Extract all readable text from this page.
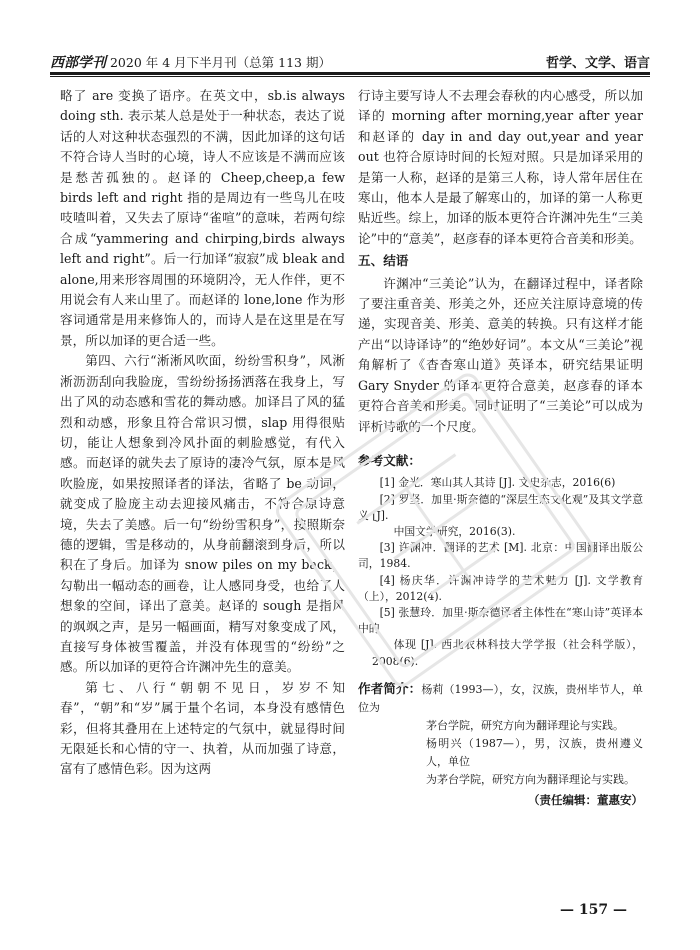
西部学刊 2020 年 4 月下半月刊（总第 113 期）	哲学、文学、语言

略了 are 变换了语序。在英文中，sb.is always doing sth. 表示某人总是处于一种状态，表达了说话的人对这种状态强烈的不满，因此加译的这句话不符合诗人当时的心境，诗人不应该是不满而应该是愁苦孤独的。赵译的 Cheep,cheep,a few birds left and right 指的是周边有一些鸟儿在吱吱喳叫着，又失去了原诗“雀喧”的意味，若两句综合成“yammering and chirping,birds always left and right”。后一行加译“寂寂”成 bleak and alone,用来形容周围的环境阴冷，无人作伴，更不用说会有人来山里了。而赵译的 lone,lone 作为形容词通常是用来修饰人的，而诗人是在这里是在写景，所以加译的更合适一些。

第四、六行“淅淅风吹面，纷纷雪积身”，风淅淅沥沥刮向我脸庞，雪纷纷扬扬洒落在我身上，写出了风的动态感和雪花的舞动感。加译吕了风的猛烈和动感，形象且符合常识习惯，slap 用得很贴切，能让人想象到冷风扑面的刺脸感觉，有代入感。而赵译的就失去了原诗的凄冷气氛，原本是风吹脸庞，如果按照译者的译法，省略了 be 动词，就变成了脸庞主动去迎接风痛击，不符合原诗意境，失去了美感。后一句“纷纷雪积身”，按照斯奈德的逻辑，雪是移动的，从身前翻滚到身后，所以积在了身后。加译为 snow piles on my back，勾勒出一幅动态的画卷，让人感同身受，也给了人想象的空间，译出了意美。赵译的 sough 是指风的飒飒之声，是另一幅画面，精写对象变成了风，直接写身体被雪覆盖，并没有体现雪的“纷纷”之感。所以加译的更符合许渊冲先生的意美。

第七、八行“朝朝不见日，岁岁不知春”，“朝”和“岁”属于量个名词，本身没有感情色彩，但将其叠用在上述特定的气氛中，就显得时间无限延长和心情的守一、执着，从而加强了诗意，富有了感情色彩。因为这两

行诗主要写诗人不去理会春秋的内心感受，所以加译的 morning after morning,year after year 和赵译的 day in and day out,year and year out 也符合原诗时间的长短对照。只是加译采用的是第一人称，赵译的是第三人称，诗人常年居住在寒山，他本人是最了解寒山的，加译的第一人称更贴近些。综上，加译的版本更符合许渊冲先生“三美论”中的“意美”，赵彦春的译本更符合音美和形美。

五、结语

许渊冲“三美论”认为，在翻译过程中，译者除了要注重音美、形美之外，还应关注原诗意境的传递，实现音美、形美、意美的转换。只有这样才能产出“以诗译诗”的“绝妙好词”。本文从“三美论”视角解析了《杳杳寒山道》英译本，研究结果证明 Gary Snyder 的译本更符合意美，赵彦春的译本更符合音美和形美。同时证明了“三美论”可以成为评析诗歌的一个尺度。

参考文献：

[1] 金光．寒山其人其诗 [J]. 文史杂志，2016(6)

[2] 罗坚．加里·斯奈德的“深层生态文化观”及其文学意义 [J].
中国文学研究，2016(3).

[3] 许渊冲．翻译的艺术 [M]. 北京：中国翻译出版公司，1984.

[4] 杨庆华．许渊冲诗学的艺术魅力 [J]. 文学教育（上），2012(4).

[5] 张慧玲．加里·斯奈德译者主体性在“寒山诗”英译本中的
体现 [J]. 西北农林科技大学学报（社会科学版），2008(6).

作者简介：杨莉（1993—），女，汉族，贵州毕节人，单位为
茅台学院，研究方向为翻译理论与实践。
杨明兴（1987—），男，汉族，贵州遵义人，单位
为茅台学院，研究方向为翻译理论与实践。
（责任编辑：董惠安）
— 157 —
